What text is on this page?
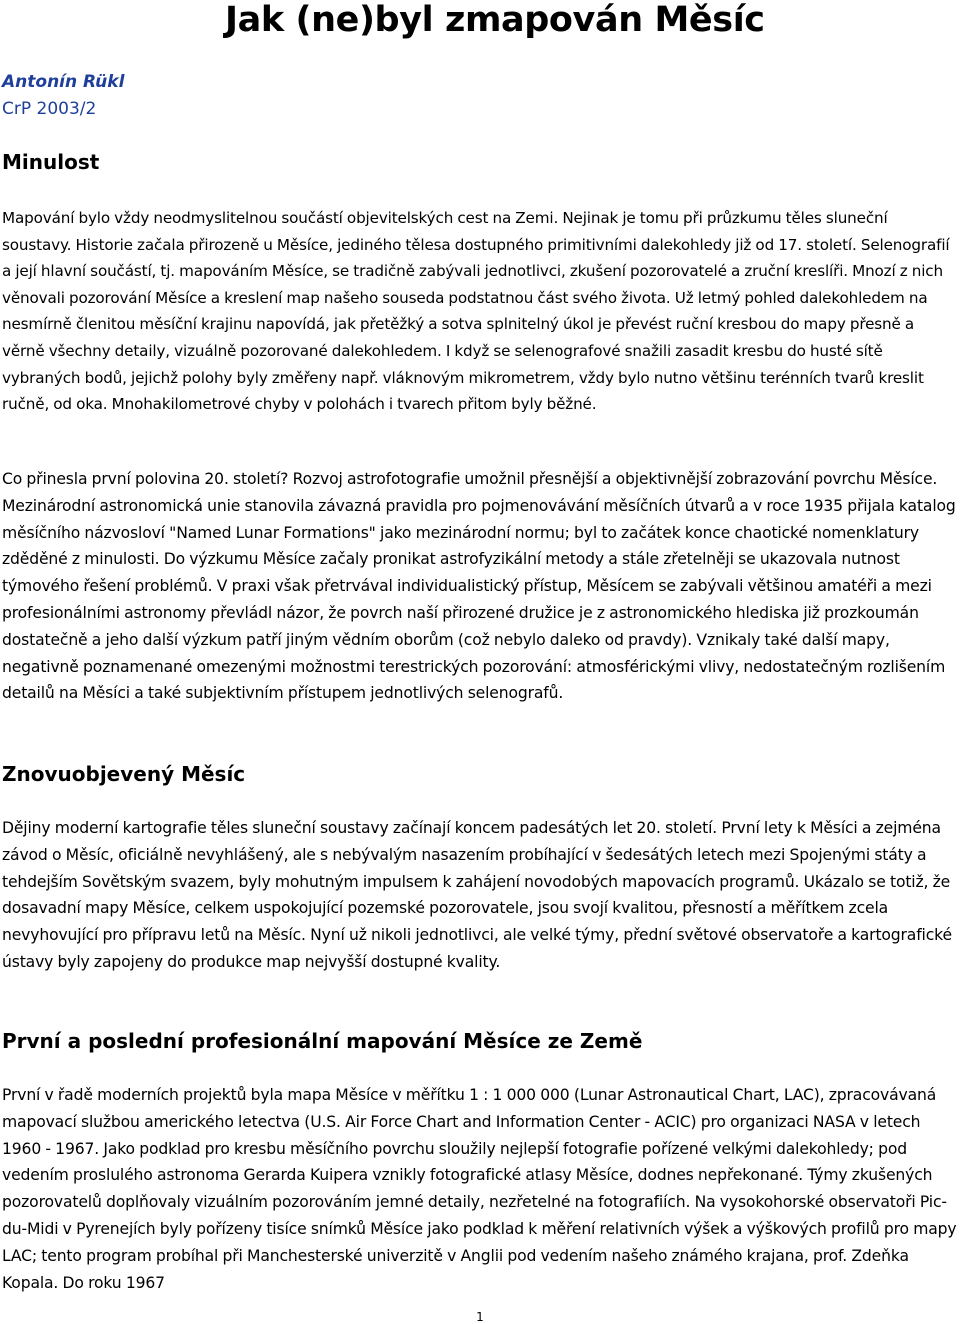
Jak (ne)byl zmapován Měsíc
Antonín Rükl
CrP 2003/2
Minulost

Mapování bylo vždy neodmyslitelnou součástí objevitelských cest na Zemi. Nejinak je tomu při průzkumu těles sluneční soustavy. Historie začala přirozeně u Měsíce, jediného tělesa dostupného primitivními dalekohledy již od 17. století. Selenografií a její hlavní součástí, tj. mapováním Měsíce, se tradičně zabývali jednotlivci, zkušení pozorovatelé a zruční kreslíři. Mnozí z nich věnovali pozorování Měsíce a kreslení map našeho souseda podstatnou část svého života. Už letmý pohled dalekohledem na nesmírně členitou měsíční krajinu napovídá, jak přetěžký a sotva splnitelný úkol je převést ruční kresbou do mapy přesně a věrně všechny detaily, vizuálně pozorované dalekohledem. I když se selenografové snažili zasadit kresbu do husté sítě vybraných bodů, jejichž polohy byly změřeny např. vláknovým mikrometrem, vždy bylo nutno většinu terénních tvarů kreslit ručně, od oka. Mnohakilometrové chyby v polohách i tvarech přitom byly běžné.

Co přinesla první polovina 20. století? Rozvoj astrofotografie umožnil přesnější a objektivnější zobrazování povrchu Měsíce. Mezinárodní astronomická unie stanovila závazná pravidla pro pojmenovávání měsíčních útvarů a v roce 1935 přijala katalog měsíčního názvosloví "Named Lunar Formations" jako mezinárodní normu; byl to začátek konce chaotické nomenklatury zděděné z minulosti. Do výzkumu Měsíce začaly pronikat astrofyzikální metody a stále zřetelněji se ukazovala nutnost týmového řešení problémů. V praxi však přetrvával individualistický přístup, Měsícem se zabývali většinou amatéři a mezi profesionálními astronomy převládl názor, že povrch naší přirozené družice je z astronomického hlediska již prozkoumán dostatečně a jeho další výzkum patří jiným vědním oborům (což nebylo daleko od pravdy). Vznikaly také další mapy, negativně poznamenané omezenými možnostmi terestrických pozorování: atmosférickými vlivy, nedostatečným rozlišením detailů na Měsíci a také subjektivním přístupem jednotlivých selenografů.

Znovuobjevený Měsíc

Dějiny moderní kartografie těles sluneční soustavy začínají koncem padesátých let 20. století. První lety k Měsíci a zejména závod o Měsíc, oficiálně nevyhlášený, ale s nebývalým nasazením probíhající v šedesátých letech mezi Spojenými státy a tehdejším Sovětským svazem, byly mohutným impulsem k zahájení novodobých mapovacích programů. Ukázalo se totiž, že dosavadní mapy Měsíce, celkem uspokojující pozemské pozorovatele, jsou svojí kvalitou, přesností a měřítkem zcela nevyhovující pro přípravu letů na Měsíc. Nyní už nikoli jednotlivci, ale velké týmy, přední světové observatoře a kartografické ústavy byly zapojeny do produkce map nejvyšší dostupné kvality.

První a poslední profesionální mapování Měsíce ze Země

První v řadě moderních projektů byla mapa Měsíce v měřítku 1 : 1 000 000 (Lunar Astronautical Chart, LAC), zpracovávaná mapovací službou amerického letectva (U.S. Air Force Chart and Information Center - ACIC) pro organizaci NASA v letech 1960 - 1967. Jako podklad pro kresbu měsíčního povrchu sloužily nejlepší fotografie pořízené velkými dalekohledy; pod vedením proslulého astronoma Gerarda Kuipera vznikly fotografické atlasy Měsíce, dodnes nepřekonané. Týmy zkušených pozorovatelů doplňovaly vizuálním pozorováním jemné detaily, nezřetelné na fotografiích. Na vysokohorské observatoři Pic-du-Midi v Pyrenejích byly pořízeny tisíce snímků Měsíce jako podklad k měření relativních výšek a výškových profilů pro mapy LAC; tento program probíhal při Manchesterské univerzitě v Anglii pod vedením našeho známého krajana, prof. Zdeňka Kopala. Do roku 1967

1
